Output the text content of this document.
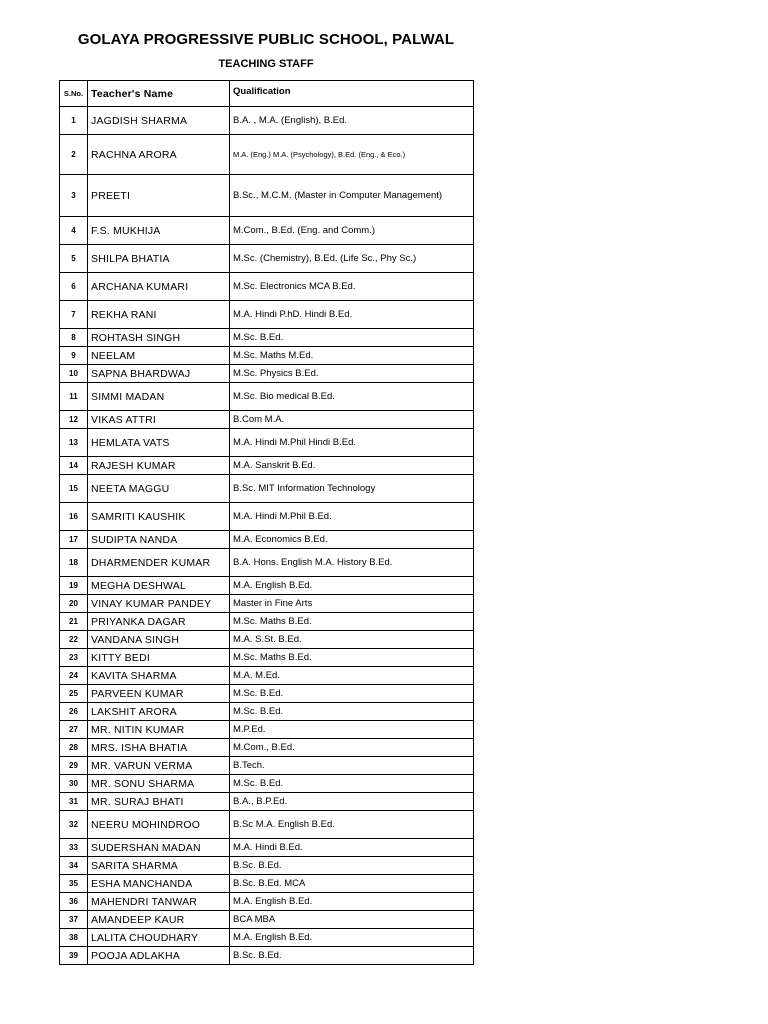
GOLAYA PROGRESSIVE PUBLIC SCHOOL, PALWAL
TEACHING STAFF
S.No.	Teacher's Name	Qualification
1	JAGDISH SHARMA	B.A. , M.A. (English), B.Ed.
2	RACHNA ARORA	M.A. (Eng.) M.A. (Psychology), B.Ed. (Eng., & Eco.)
3	PREETI	B.Sc., M.C.M. (Master in Computer Management)
4	F.S. MUKHIJA	M.Com., B.Ed. (Eng. and Comm.)
5	SHILPA BHATIA	M.Sc. (Chemistry), B.Ed. (Life Sc., Phy Sc.)
6	ARCHANA KUMARI	M.Sc. Electronics MCA B.Ed.
7	REKHA RANI	M.A. Hindi P.hD. Hindi B.Ed.
8	ROHTASH SINGH	M.Sc. B.Ed.
9	NEELAM	M.Sc. Maths M.Ed.
10	SAPNA BHARDWAJ	M.Sc. Physics B.Ed.
11	SIMMI MADAN	M.Sc. Bio medical B.Ed.
12	VIKAS ATTRI	B.Com M.A.
13	HEMLATA VATS	M.A. Hindi M.Phil Hindi B.Ed.
14	RAJESH KUMAR	M.A. Sanskrit B.Ed.
15	NEETA MAGGU	B.Sc. MIT Information Technology
16	SAMRITI KAUSHIK	M.A. Hindi M.Phil B.Ed.
17	SUDIPTA NANDA	M.A. Economics B.Ed.
18	DHARMENDER KUMAR	B.A. Hons. English M.A. History B.Ed.
19	MEGHA DESHWAL	M.A. English B.Ed.
20	VINAY KUMAR PANDEY	Master in Fine Arts
21	PRIYANKA DAGAR	M.Sc. Maths B.Ed.
22	VANDANA SINGH	M.A. S.St. B.Ed.
23	KITTY BEDI	M.Sc. Maths B.Ed.
24	KAVITA SHARMA	M.A. M.Ed.
25	PARVEEN KUMAR	M.Sc. B.Ed.
26	LAKSHIT ARORA	M.Sc. B.Ed.
27	MR. NITIN KUMAR	M.P.Ed.
28	MRS. ISHA BHATIA	M.Com., B.Ed.
29	MR. VARUN VERMA	B.Tech.
30	MR. SONU SHARMA	M.Sc. B.Ed.
31	MR. SURAJ BHATI	B.A., B.P.Ed.
32	NEERU MOHINDROO	B.Sc M.A. English B.Ed.
33	SUDERSHAN MADAN	M.A. Hindi B.Ed.
34	SARITA SHARMA	B.Sc. B.Ed.
35	ESHA MANCHANDA	B.Sc. B.Ed. MCA
36	MAHENDRI TANWAR	M.A. English B.Ed.
37	AMANDEEP KAUR	BCA MBA
38	LALITA CHOUDHARY	M.A. English B.Ed.
39	POOJA ADLAKHA	B.Sc. B.Ed.
